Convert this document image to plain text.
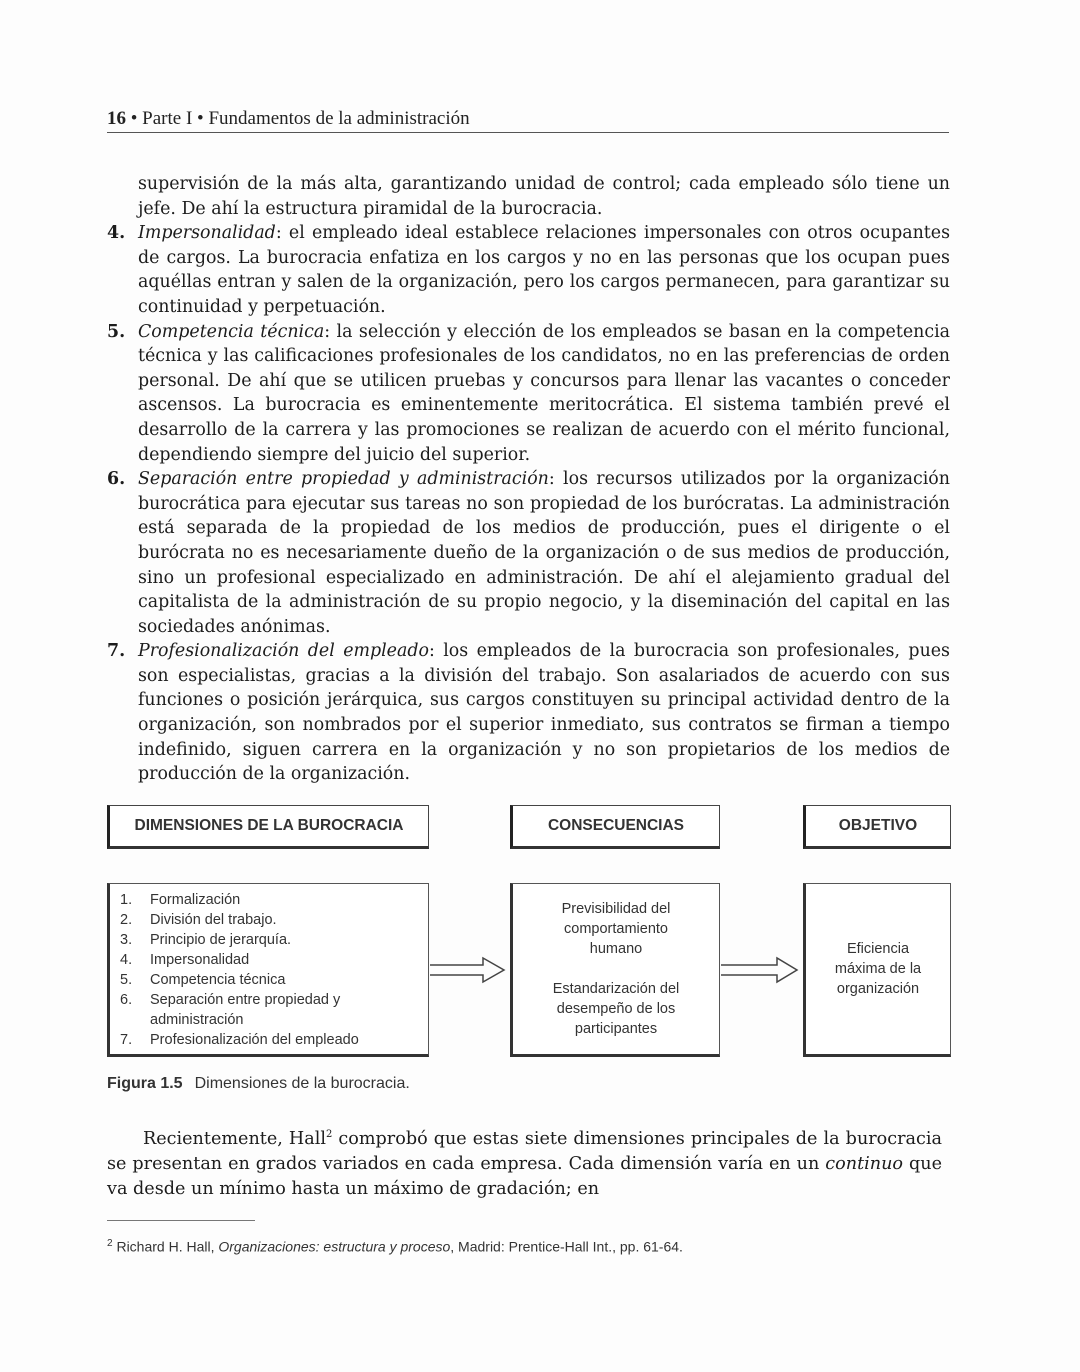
16 • Parte I • Fundamentos de la administración
supervisión de la más alta, garantizando unidad de control; cada empleado sólo tiene un jefe. De ahí la estructura piramidal de la burocracia.
4. Impersonalidad: el empleado ideal establece relaciones impersonales con otros ocupantes de cargos. La burocracia enfatiza en los cargos y no en las personas que los ocupan pues aquéllas entran y salen de la organización, pero los cargos permanecen, para garantizar su continuidad y perpetuación.
5. Competencia técnica: la selección y elección de los empleados se basan en la competencia técnica y las calificaciones profesionales de los candidatos, no en las preferencias de orden personal. De ahí que se utilicen pruebas y concursos para llenar las vacantes o conceder ascensos. La burocracia es eminentemente meritocrática. El sistema también prevé el desarrollo de la carrera y las promociones se realizan de acuerdo con el mérito funcional, dependiendo siempre del juicio del superior.
6. Separación entre propiedad y administración: los recursos utilizados por la organización burocrática para ejecutar sus tareas no son propiedad de los burócratas. La administración está separada de la propiedad de los medios de producción, pues el dirigente o el burócrata no es necesariamente dueño de la organización o de sus medios de producción, sino un profesional especializado en administración. De ahí el alejamiento gradual del capitalista de la administración de su propio negocio, y la diseminación del capital en las sociedades anónimas.
7. Profesionalización del empleado: los empleados de la burocracia son profesionales, pues son especialistas, gracias a la división del trabajo. Son asalariados de acuerdo con sus funciones o posición jerárquica, sus cargos constituyen su principal actividad dentro de la organización, son nombrados por el superior inmediato, sus contratos se firman a tiempo indefinido, siguen carrera en la organización y no son propietarios de los medios de producción de la organización.
DIMENSIONES DE LA BUROCRACIA	CONSECUENCIAS	OBJETIVO
1. Formalización
2. División del trabajo.
3. Principio de jerarquía.
4. Impersonalidad
5. Competencia técnica
6. Separación entre propiedad y administración
7. Profesionalización del empleado
Previsibilidad del comportamiento humano
Estandarización del desempeño de los participantes
Eficiencia máxima de la organización
Figura 1.5 Dimensiones de la burocracia.
Recientemente, Hall$^2$ comprobó que estas siete dimensiones principales de la burocracia se presentan en grados variados en cada empresa. Cada dimensión varía en un continuo que va desde un mínimo hasta un máximo de gradación; en
$^2$ Richard H. Hall, Organizaciones: estructura y proceso, Madrid: Prentice-Hall Int., pp. 61-64.
